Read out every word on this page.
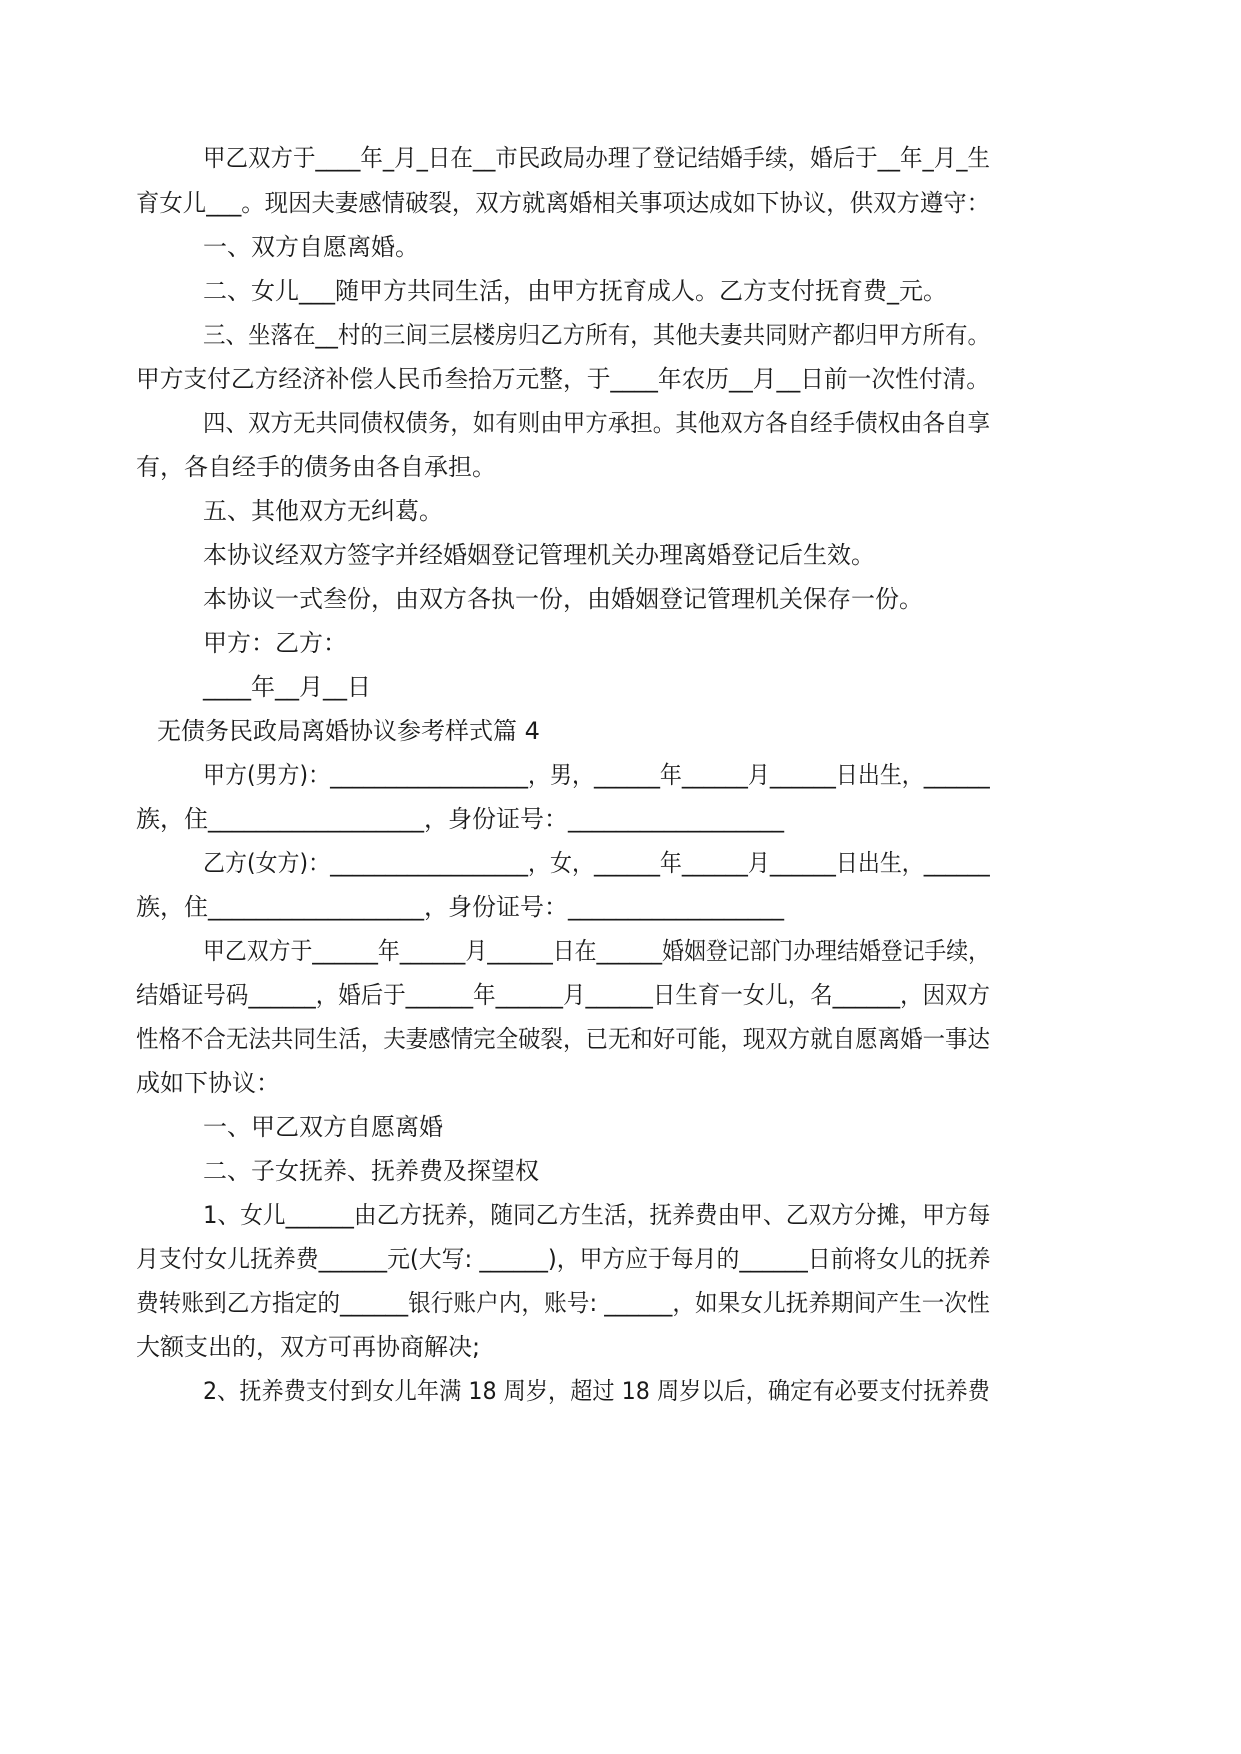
甲乙双方于____年_月_日在__市民政局办理了登记结婚手续，婚后于__年_月_生
育女儿___。现因夫妻感情破裂，双方就离婚相关事项达成如下协议，供双方遵守：
一、双方自愿离婚。
二、女儿___随甲方共同生活，由甲方抚育成人。乙方支付抚育费_元。
三、坐落在__村的三间三层楼房归乙方所有，其他夫妻共同财产都归甲方所有。
甲方支付乙方经济补偿人民币叁拾万元整，于____年农历__月__日前一次性付清。
四、双方无共同债权债务，如有则由甲方承担。其他双方各自经手债权由各自享
有，各自经手的债务由各自承担。
五、其他双方无纠葛。
本协议经双方签字并经婚姻登记管理机关办理离婚登记后生效。
本协议一式叁份，由双方各执一份，由婚姻登记管理机关保存一份。
甲方：乙方：
____年__月__日
无债务民政局离婚协议参考样式篇 4
甲方(男方)：__________________，男，______年______月______日出生，______
族，住__________________，身份证号：__________________
乙方(女方)：__________________，女，______年______月______日出生，______
族，住__________________，身份证号：__________________
甲乙双方于______年______月______日在______婚姻登记部门办理结婚登记手续，
结婚证号码______，婚后于______年______月______日生育一女儿，名______，因双方
性格不合无法共同生活，夫妻感情完全破裂，已无和好可能，现双方就自愿离婚一事达
成如下协议：
一、甲乙双方自愿离婚
二、子女抚养、抚养费及探望权
1、女儿______由乙方抚养，随同乙方生活，抚养费由甲、乙双方分摊，甲方每
月支付女儿抚养费______元(大写: ______)，甲方应于每月的______日前将女儿的抚养
费转账到乙方指定的______银行账户内，账号: ______，如果女儿抚养期间产生一次性
大额支出的，双方可再协商解决;
2、抚养费支付到女儿年满 18 周岁，超过 18 周岁以后，确定有必要支付抚养费
